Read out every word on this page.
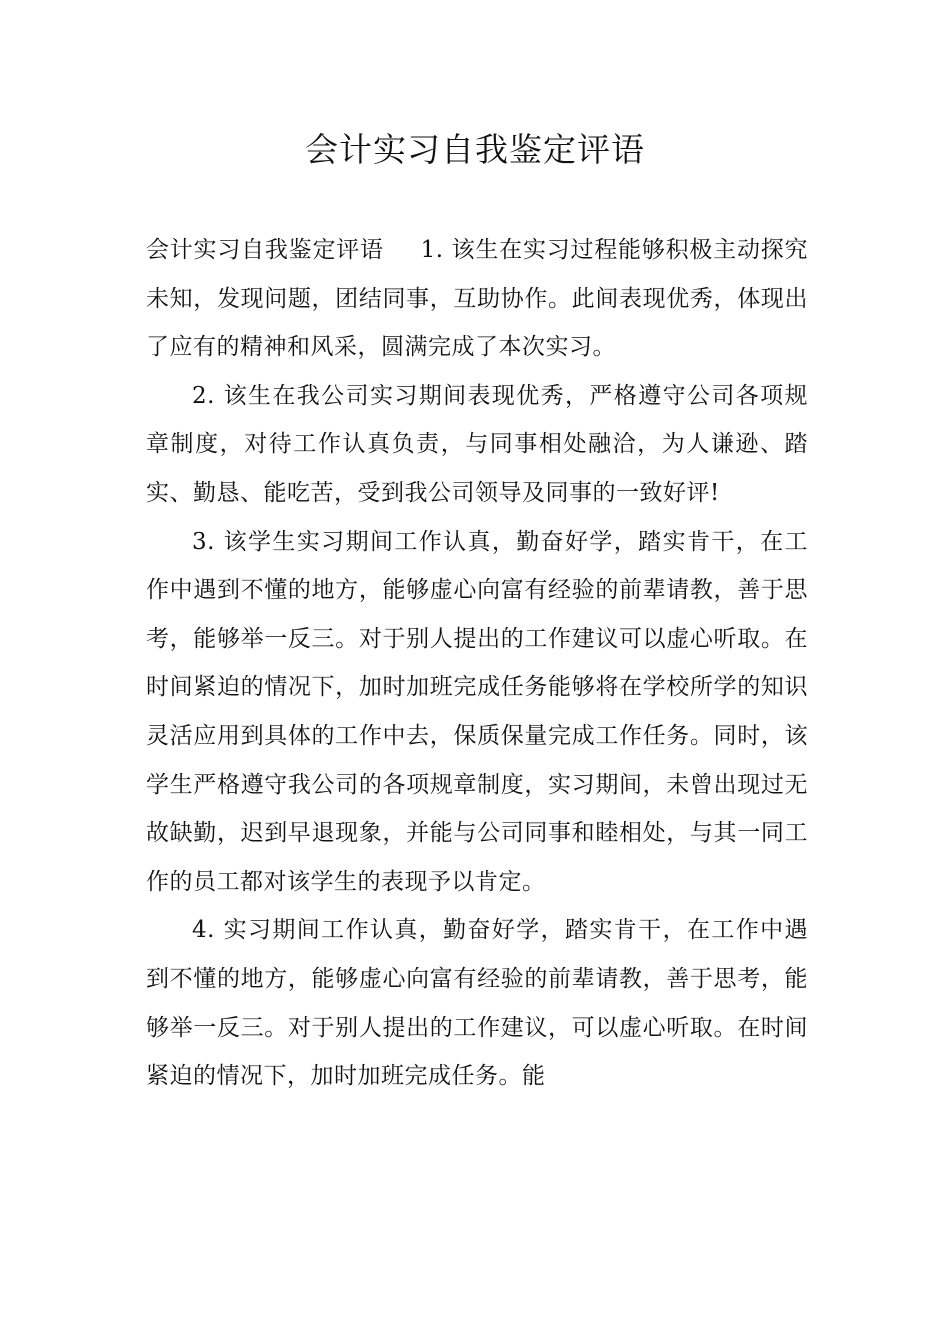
会计实习自我鉴定评语

会计实习自我鉴定评语 1. 该生在实习过程能够积极主动探究未知，发现问题，团结同事，互助协作。此间表现优秀，体现出了应有的精神和风采，圆满完成了本次实习。

2. 该生在我公司实习期间表现优秀，严格遵守公司各项规章制度，对待工作认真负责，与同事相处融洽，为人谦逊、踏实、勤恳、能吃苦，受到我公司领导及同事的一致好评!

3. 该学生实习期间工作认真，勤奋好学，踏实肯干，在工作中遇到不懂的地方，能够虚心向富有经验的前辈请教，善于思考，能够举一反三。对于别人提出的工作建议可以虚心听取。在时间紧迫的情况下，加时加班完成任务能够将在学校所学的知识灵活应用到具体的工作中去，保质保量完成工作任务。同时，该学生严格遵守我公司的各项规章制度，实习期间，未曾出现过无故缺勤，迟到早退现象，并能与公司同事和睦相处，与其一同工作的员工都对该学生的表现予以肯定。

4. 实习期间工作认真，勤奋好学，踏实肯干，在工作中遇到不懂的地方，能够虚心向富有经验的前辈请教，善于思考，能够举一反三。对于别人提出的工作建议，可以虚心听取。在时间紧迫的情况下，加时加班完成任务。能
